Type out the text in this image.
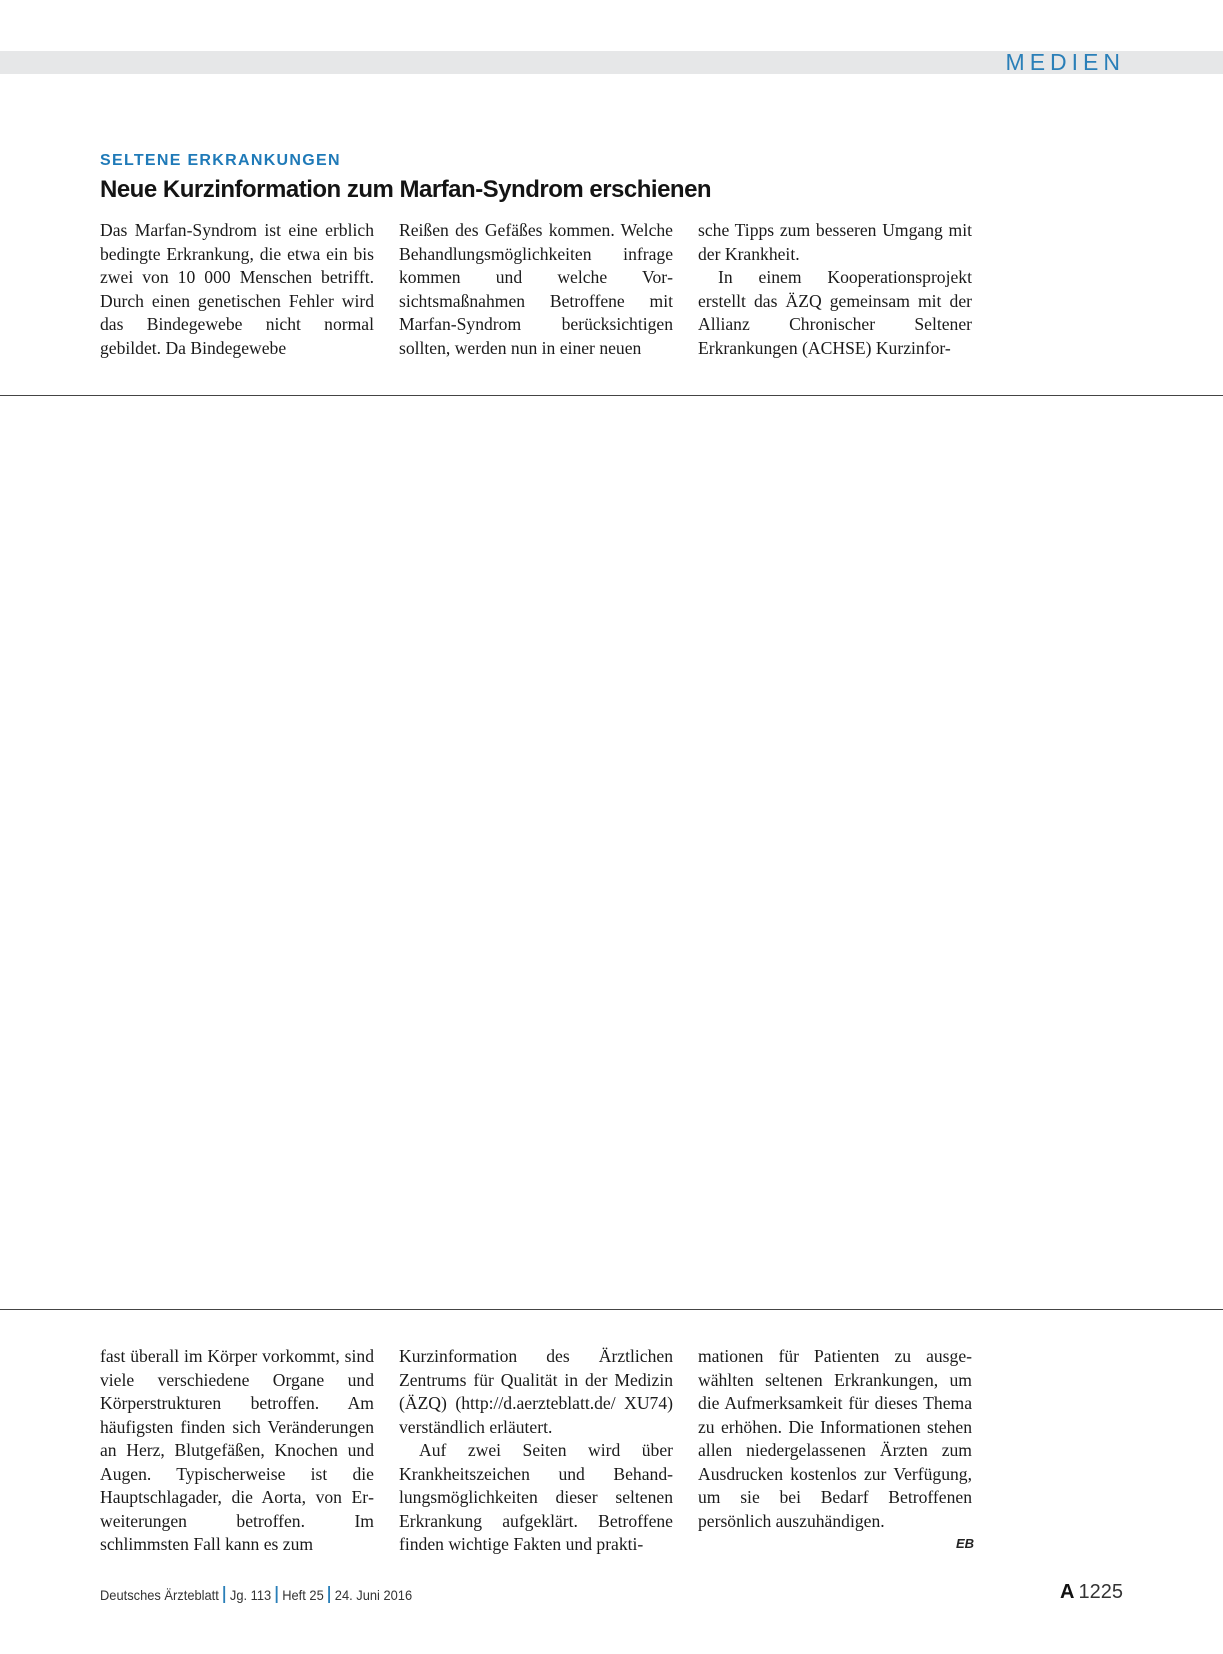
MEDIEN
SELTENE ERKRANKUNGEN
Neue Kurzinformation zum Marfan-Syndrom erschienen

Das Marfan-Syndrom ist eine erblich bedingte Erkrankung, die etwa ein bis zwei von 10 000 Menschen betrifft. Durch einen genetischen Fehler wird das Bindegewebe nicht normal gebildet. Da Bindegewebe

Reißen des Gefäßes kommen. Welche Behandlungsmöglichkeiten infrage kommen und welche Vorsichtsmaßnahmen Betroffene mit Marfan-Syndrom berücksichtigen sollten, werden nun in einer neuen

sche Tipps zum besseren Umgang mit der Krankheit.

In einem Kooperationsprojekt erstellt das ÄZQ gemeinsam mit der Allianz Chronischer Seltener Erkrankungen (ACHSE) Kurzinfor-

fast überall im Körper vorkommt, sind viele verschiedene Organe und Körperstrukturen betroffen. Am häufigsten finden sich Veränderungen an Herz, Blutgefäßen, Knochen und Augen. Typischerweise ist die Hauptschlagader, die Aorta, von Erweiterungen betroffen. Im schlimmsten Fall kann es zum

Kurzinformation des Ärztlichen Zentrums für Qualität in der Medizin (ÄZQ) (http://d.aerzteblatt.de/ XU74) verständlich erläutert.

Auf zwei Seiten wird über Krankheitszeichen und Behandlungsmöglichkeiten dieser seltenen Erkrankung aufgeklärt. Betroffene finden wichtige Fakten und prakti-

mationen für Patienten zu ausgewählten seltenen Erkrankungen, um die Aufmerksamkeit für dieses Thema zu erhöhen. Die Informationen stehen allen niedergelassenen Ärzten zum Ausdrucken kostenlos zur Verfügung, um sie bei Bedarf Betroffenen persönlich auszuhändigen.

EB
Deutsches Ärzteblatt Jg. 113 Heft 25 24. Juni 2016	A 1225
